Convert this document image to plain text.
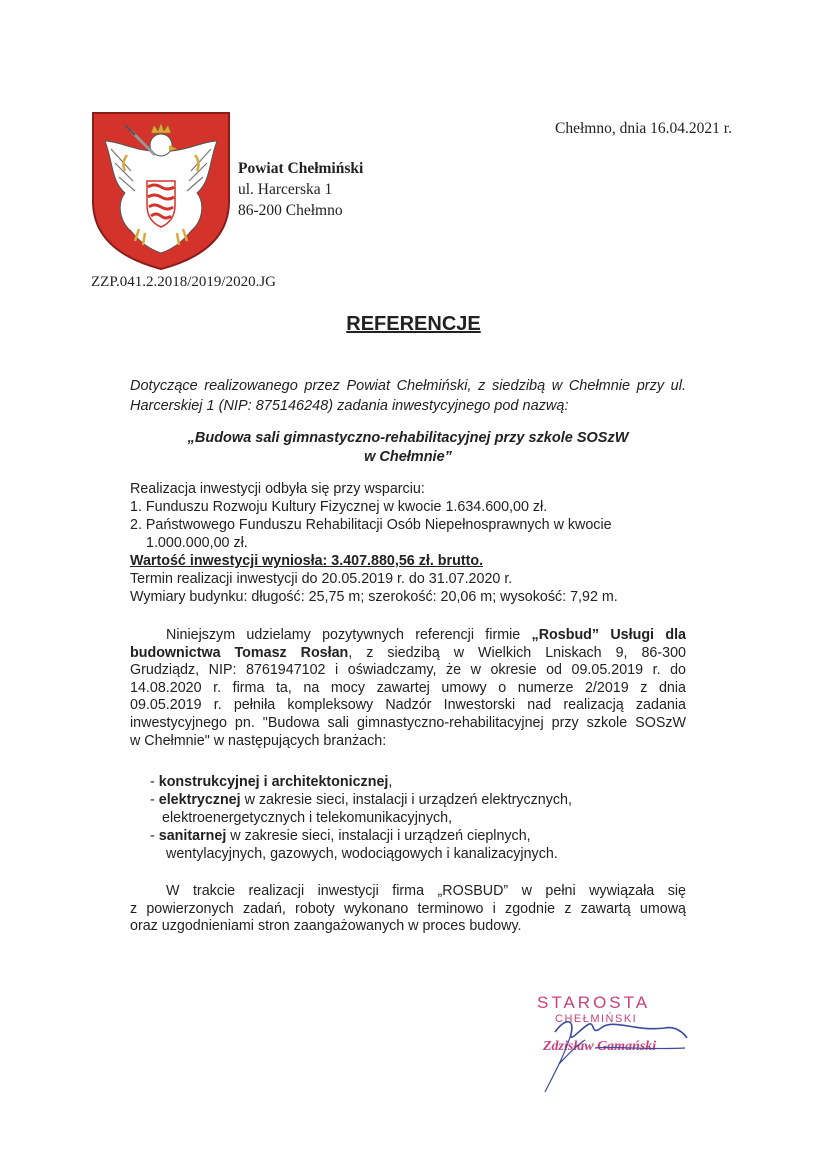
Powiat Chełmiński
ul. Harcerska 1
86-200 Chełmno
Chełmno, dnia 16.04.2021 r.
ZZP.041.2.2018/2019/2020.JG
REFERENCJE
Dotyczące realizowanego przez Powiat Chełmiński, z siedzibą w Chełmnie przy ul. Harcerskiej 1 (NIP: 875146248) zadania inwestycyjnego pod nazwą:
„Budowa sali gimnastyczno-rehabilitacyjnej przy szkole SOSzW
w Chełmnie”
Realizacja inwestycji odbyła się przy wsparciu:
1. Funduszu Rozwoju Kultury Fizycznej w kwocie 1.634.600,00 zł.
2. Państwowego Funduszu Rehabilitacji Osób Niepełnosprawnych w kwocie
1.000.000,00 zł.
Wartość inwestycji wyniosła: 3.407.880,56 zł. brutto.
Termin realizacji inwestycji do 20.05.2019 r. do 31.07.2020 r.
Wymiary budynku: długość: 25,75 m; szerokość: 20,06 m; wysokość: 7,92 m.
Niniejszym udzielamy pozytywnych referencji firmie „Rosbud” Usługi dla
budownictwa Tomasz Rosłan, z siedzibą w Wielkich Lniskach 9, 86-300
Grudziądz, NIP: 8761947102 i oświadczamy, że w okresie od 09.05.2019 r. do
14.08.2020 r. firma ta, na mocy zawartej umowy o numerze 2/2019 z dnia
09.05.2019 r. pełniła kompleksowy Nadzór Inwestorski nad realizacją zadania
inwestycyjnego pn. "Budowa sali gimnastyczno-rehabilitacyjnej przy szkole SOSzW
w Chełmnie" w następujących branżach:
- konstrukcyjnej i architektonicznej,
- elektrycznej w zakresie sieci, instalacji i urządzeń elektrycznych,
elektroenergetycznych i telekomunikacyjnych,
- sanitarnej w zakresie sieci, instalacji i urządzeń cieplnych,
wentylacyjnych, gazowych, wodociągowych i kanalizacyjnych.
W trakcie realizacji inwestycji firma „ROSBUD” w pełni wywiązała się
z powierzonych zadań, roboty wykonano terminowo i zgodnie z zawartą umową
oraz uzgodnieniami stron zaangażowanych w proces budowy.
STAROSTA
CHEŁMIŃSKI
Zdzisław Gamański
